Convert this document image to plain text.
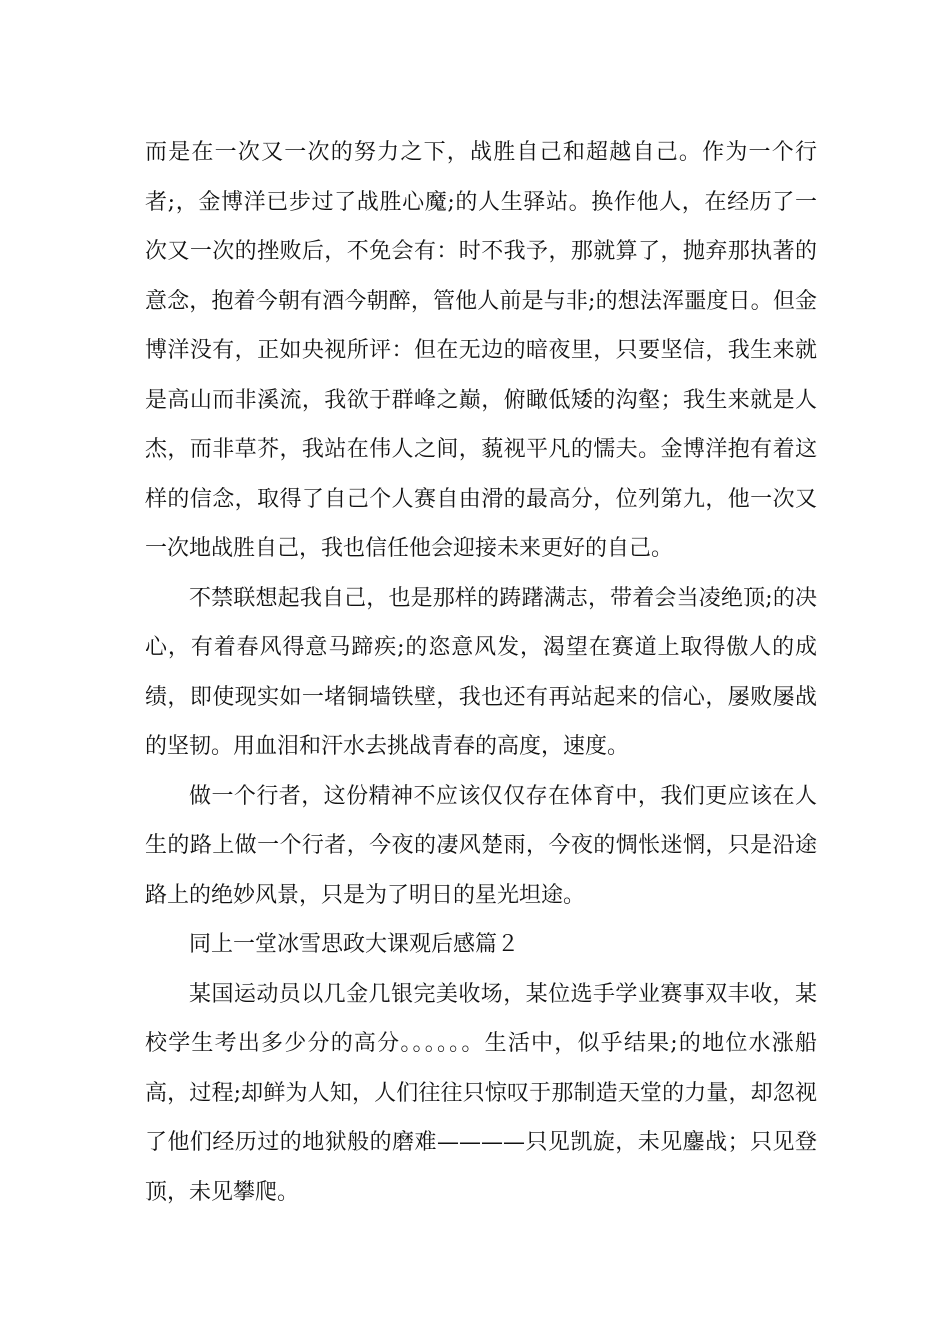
而是在一次又一次的努力之下，战胜自己和超越自己。作为一个行者;，金博洋已步过了战胜心魔;的人生驿站。换作他人，在经历了一次又一次的挫败后，不免会有：时不我予，那就算了，抛弃那执著的意念，抱着今朝有酒今朝醉，管他人前是与非;的想法浑噩度日。但金博洋没有，正如央视所评：但在无边的暗夜里，只要坚信，我生来就是高山而非溪流，我欲于群峰之巅，俯瞰低矮的沟壑；我生来就是人杰，而非草芥，我站在伟人之间，藐视平凡的懦夫。金博洋抱有着这样的信念，取得了自己个人赛自由滑的最高分，位列第九，他一次又一次地战胜自己，我也信任他会迎接未来更好的自己。

不禁联想起我自己，也是那样的踌躇满志，带着会当凌绝顶;的决心，有着春风得意马蹄疾;的恣意风发，渴望在赛道上取得傲人的成绩，即使现实如一堵铜墙铁壁，我也还有再站起来的信心，屡败屡战的坚韧。用血泪和汗水去挑战青春的高度，速度。

做一个行者，这份精神不应该仅仅存在体育中，我们更应该在人生的路上做一个行者，今夜的凄风楚雨，今夜的惆怅迷惘，只是沿途路上的绝妙风景，只是为了明日的星光坦途。

同上一堂冰雪思政大课观后感篇２

某国运动员以几金几银完美收场，某位选手学业赛事双丰收，某校学生考出多少分的高分。。。。。。生活中，似乎结果;的地位水涨船高，过程;却鲜为人知，人们往往只惊叹于那制造天堂的力量，却忽视了他们经历过的地狱般的磨难————只见凯旋，未见鏖战；只见登顶，未见攀爬。
